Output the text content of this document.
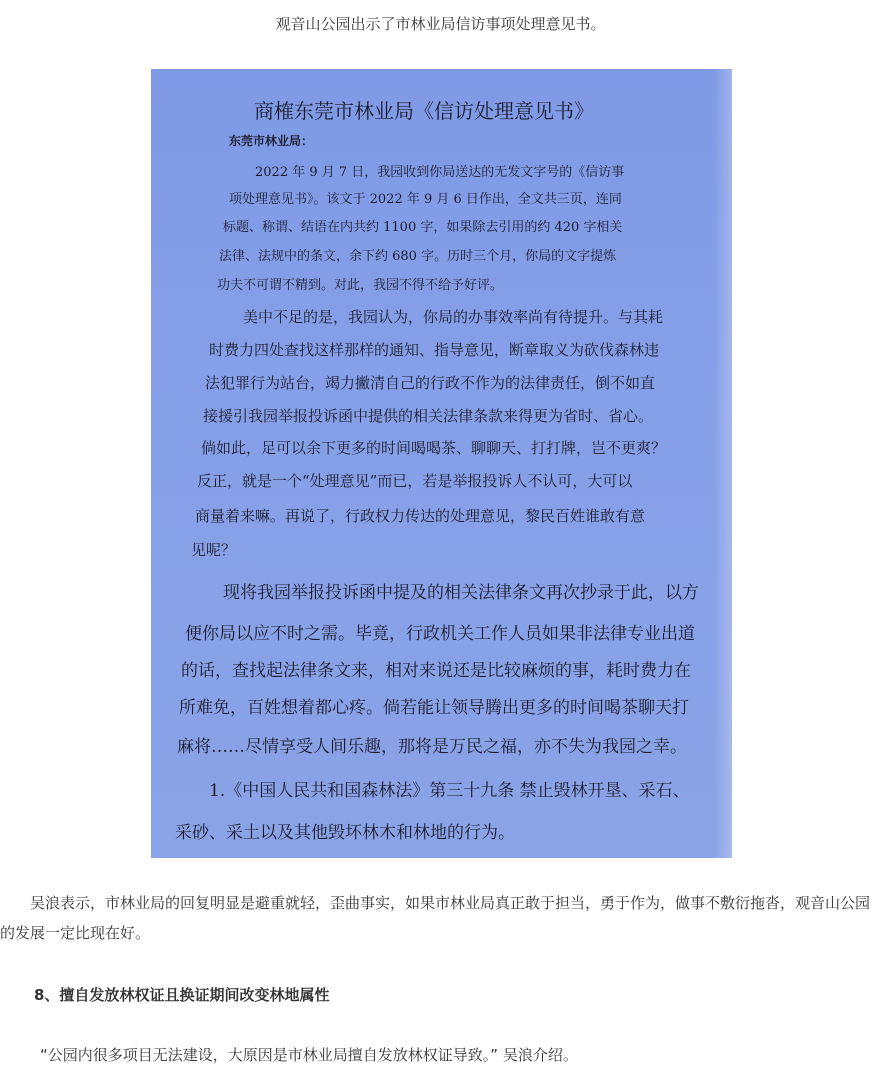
观音山公园出示了市林业局信访事项处理意见书。
商榷东莞市林业局《信访处理意见书》
东莞市林业局：
2022 年 9 月 7 日，我园收到你局送达的无发文字号的《信访事
项处理意见书》。该文于 2022 年 9 月 6 日作出，全文共三页，连同
标题、称谓、结语在内共约 1100 字，如果除去引用的约 420 字相关
法律、法规中的条文，余下约 680 字。历时三个月，你局的文字提炼
功夫不可谓不精到。对此，我园不得不给予好评。
美中不足的是，我园认为，你局的办事效率尚有待提升。与其耗
时费力四处查找这样那样的通知、指导意见，断章取义为砍伐森林违
法犯罪行为站台，竭力撇清自己的行政不作为的法律责任，倒不如直
接援引我园举报投诉函中提供的相关法律条款来得更为省时、省心。
倘如此，足可以余下更多的时间喝喝茶、聊聊天、打打牌，岂不更爽？
反正，就是一个“处理意见”而已，若是举报投诉人不认可，大可以
商量着来嘛。再说了，行政权力传达的处理意见，黎民百姓谁敢有意
见呢？
现将我园举报投诉函中提及的相关法律条文再次抄录于此，以方
便你局以应不时之需。毕竟，行政机关工作人员如果非法律专业出道
的话，查找起法律条文来，相对来说还是比较麻烦的事，耗时费力在
所难免，百姓想着都心疼。倘若能让领导腾出更多的时间喝茶聊天打
麻将……尽情享受人间乐趣，那将是万民之福，亦不失为我园之幸。
1.《中国人民共和国森林法》第三十九条 禁止毁林开垦、采石、
采砂、采土以及其他毁坏林木和林地的行为。
吴浪表示，市林业局的回复明显是避重就轻，歪曲事实，如果市林业局真正敢于担当，勇于作为，做事不敷衍拖沓，观音山公园的发展一定比现在好。
8、擅自发放林权证且换证期间改变林地属性
“公园内很多项目无法建设，大原因是市林业局擅自发放林权证导致。” 吴浪介绍。
